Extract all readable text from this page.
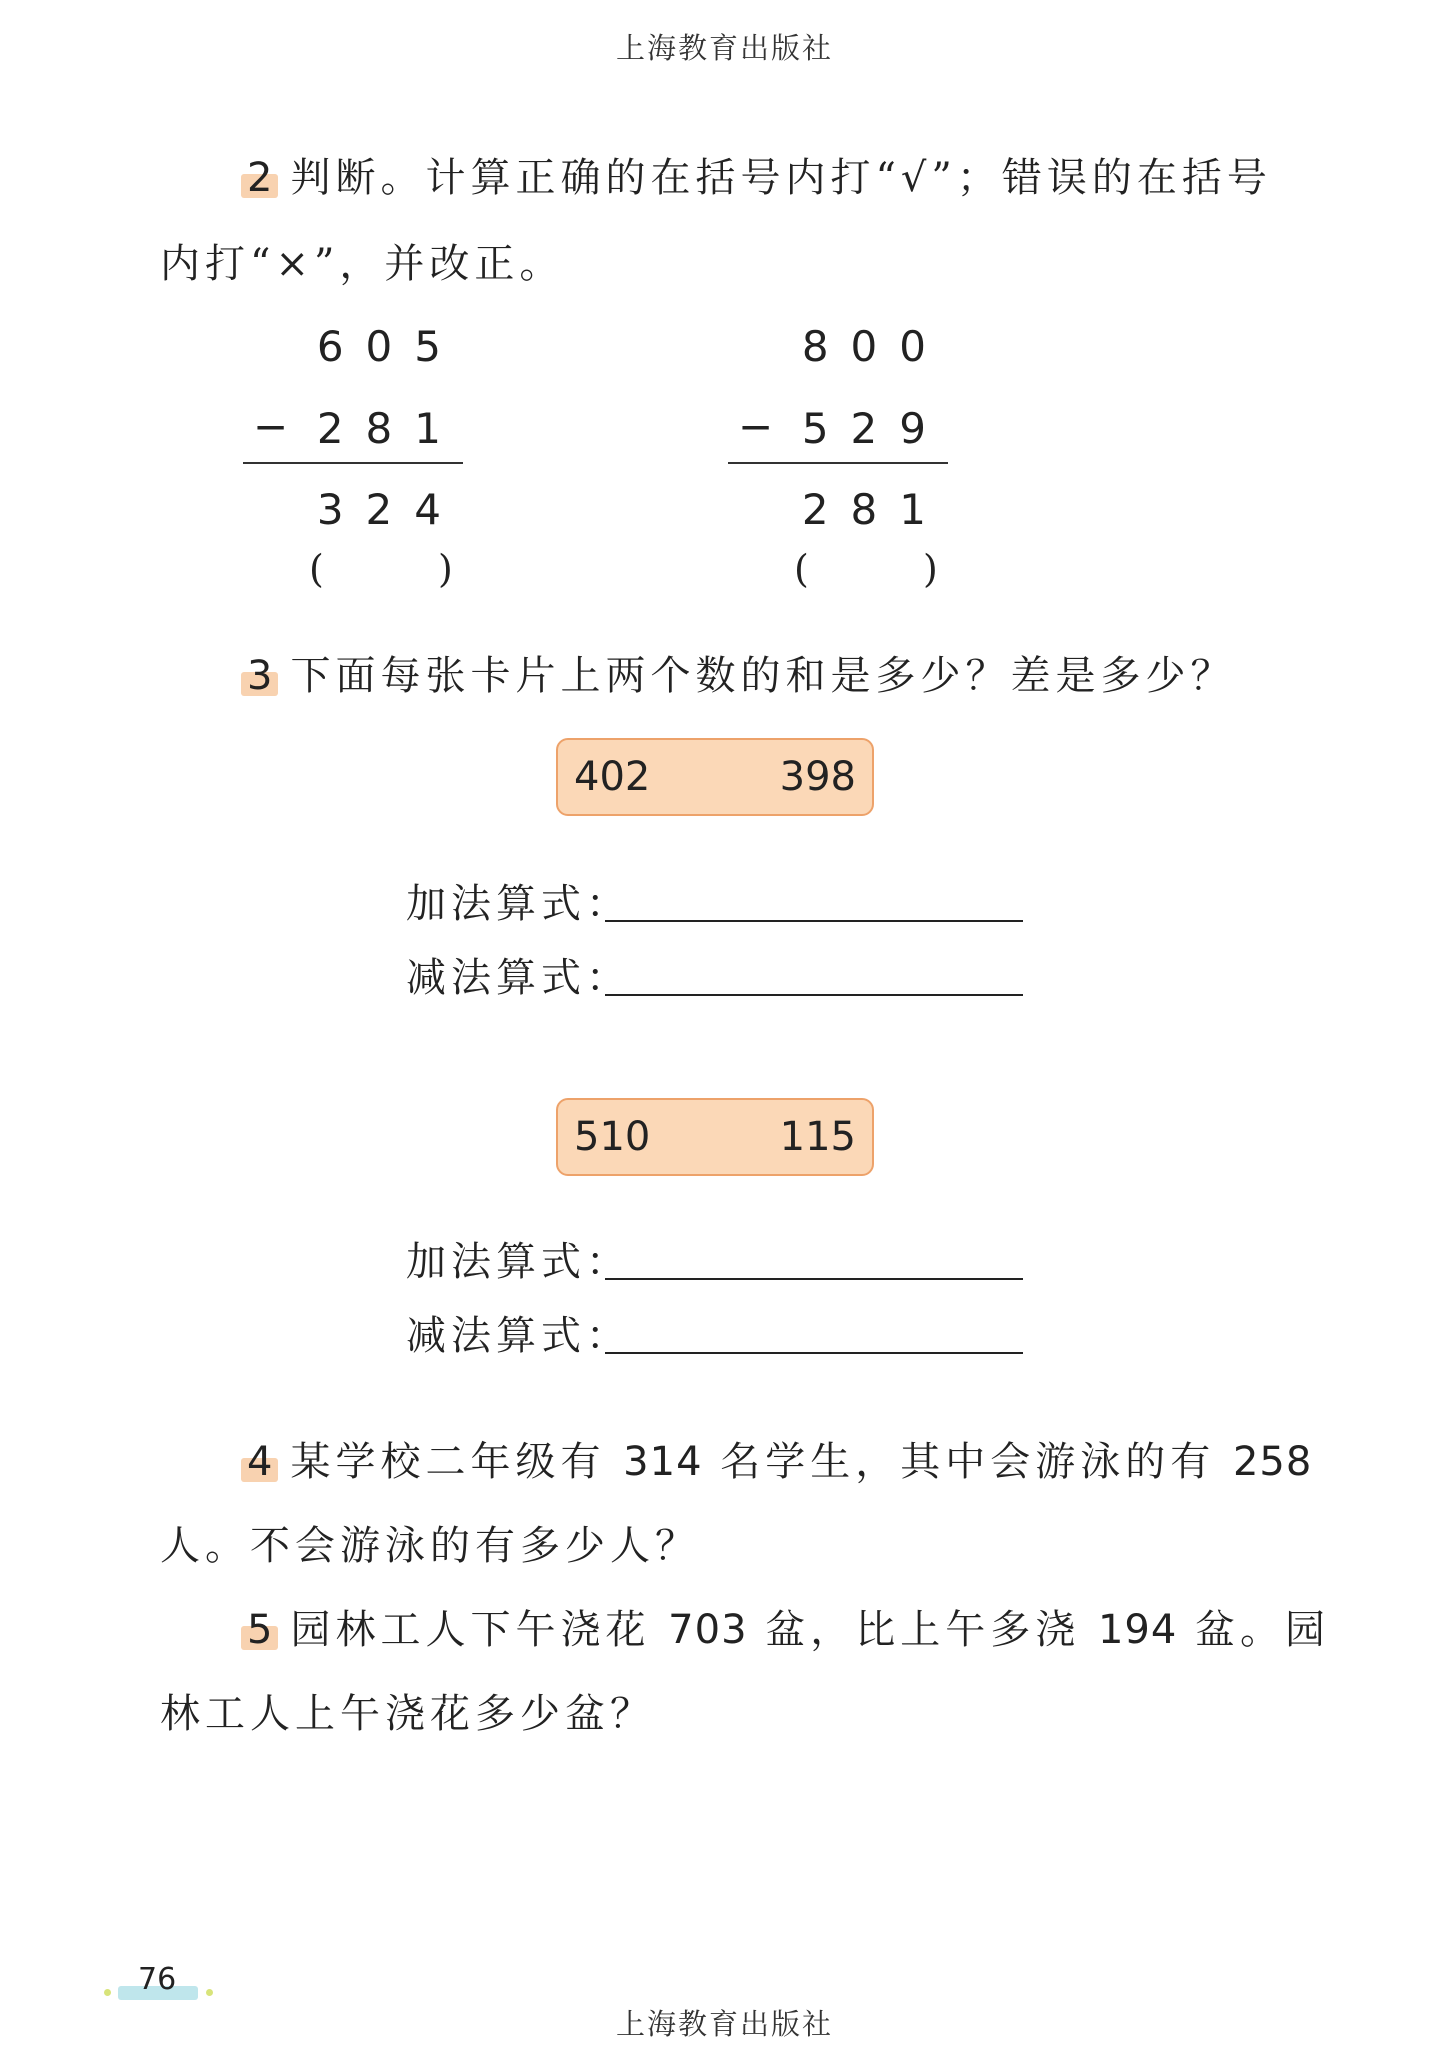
上海教育出版社
2 判断。计算正确的在括号内打“√”；错误的在括号
内打“×”，并改正。
605
− 281
324
(	)
800
− 529
281
(	)
3 下面每张卡片上两个数的和是多少？差是多少？
402	398
加法算式：
减法算式：
510	115
加法算式：
减法算式：
4 某学校二年级有 314 名学生，其中会游泳的有 258
人。不会游泳的有多少人？
5 园林工人下午浇花 703 盆，比上午多浇 194 盆。园
林工人上午浇花多少盆？
76
上海教育出版社
